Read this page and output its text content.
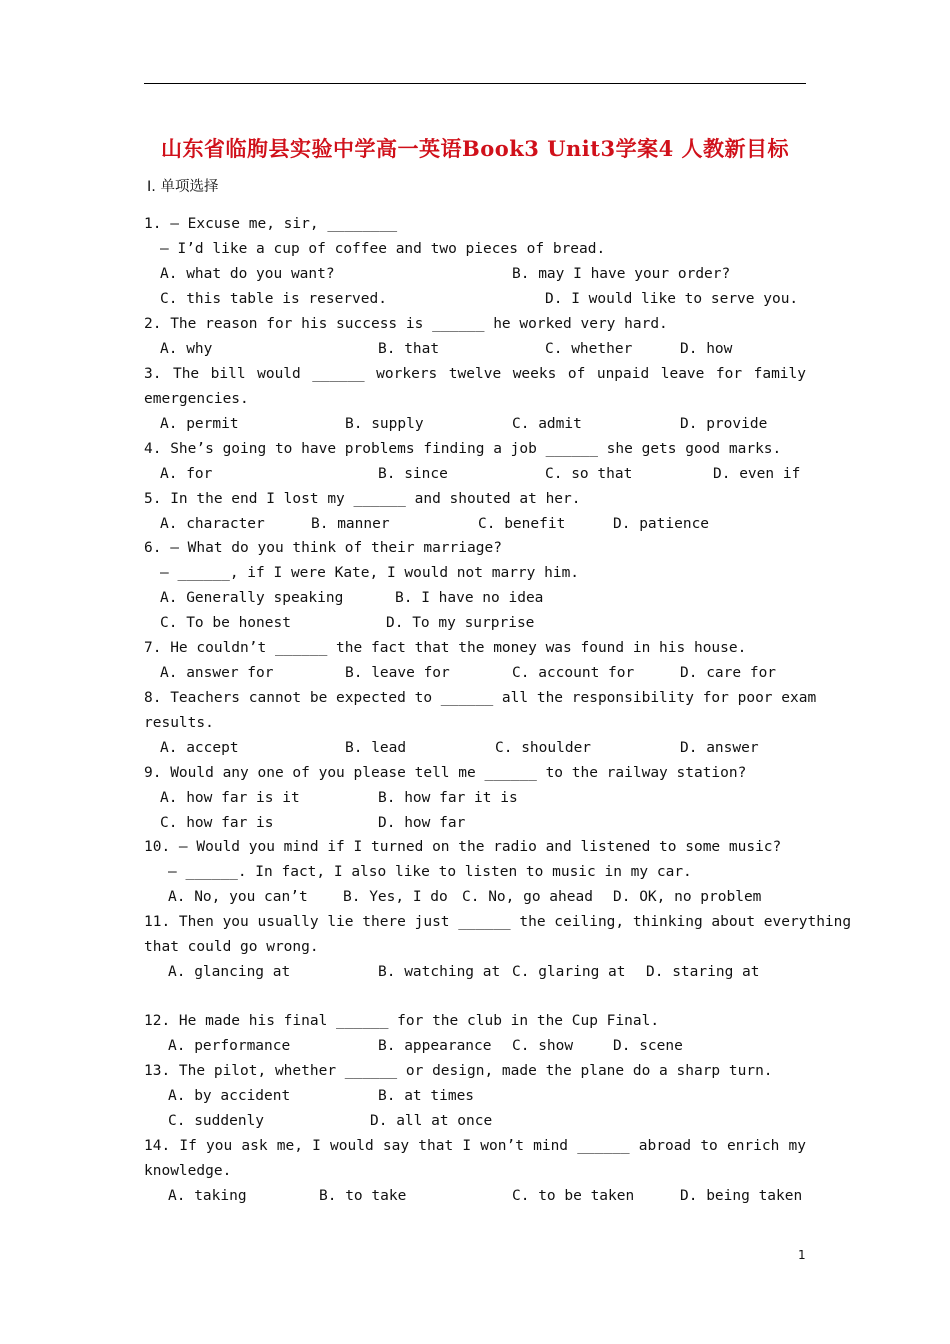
山东省临朐县实验中学高一英语Book3 Unit3学案4 人教新目标
Ⅰ. 单项选择
1. — Excuse me, sir, ________
— I’d like a cup of coffee and two pieces of bread.
A. what do you want?	B. may I have your order?
C. this table is reserved.	D. I would like to serve you.
2. The reason for his success is ______ he worked very hard.
A. why	B. that	C. whether	D. how
3. The bill would ______ workers twelve weeks of unpaid leave for family
emergencies.
A. permit	B. supply	C. admit	D. provide
4. She’s going to have problems finding a job ______ she gets good marks.
A. for	B. since	C. so that	D. even if
5. In the end I lost my ______ and shouted at her.
A. character	B. manner	C. benefit	D. patience
6. — What do you think of their marriage?
— ______, if I were Kate, I would not marry him.
A. Generally speaking	B. I have no idea
C. To be honest	D. To my surprise
7. He couldn’t ______ the fact that the money was found in his house.
A. answer for	B. leave for	C. account for	D. care for
8. Teachers cannot be expected to ______ all the responsibility for poor exam
results.
A. accept	B. lead	C. shoulder	D. answer
9. Would any one of you please tell me ______ to the railway station?
A. how far is it	B. how far it is
C. how far is	D. how far
10. — Would you mind if I turned on the radio and listened to some music?
— ______. In fact, I also like to listen to music in my car.
A. No, you can’t B. Yes, I do C. No, go ahead D. OK, no problem
11. Then you usually lie there just ______ the ceiling, thinking about everything
that could go wrong.
A. glancing at	B. watching at C. glaring at D. staring at
12. He made his final ______ for the club in the Cup Final.
A. performance	B. appearance C. show	D. scene
13. The pilot, whether ______ or design, made the plane do a sharp turn.
A. by accident	B. at times
C. suddenly	D. all at once
14. If you ask me, I would say that I won’t mind ______ abroad to enrich my
knowledge.
A. taking	B. to take	C. to be taken	D. being taken
1
